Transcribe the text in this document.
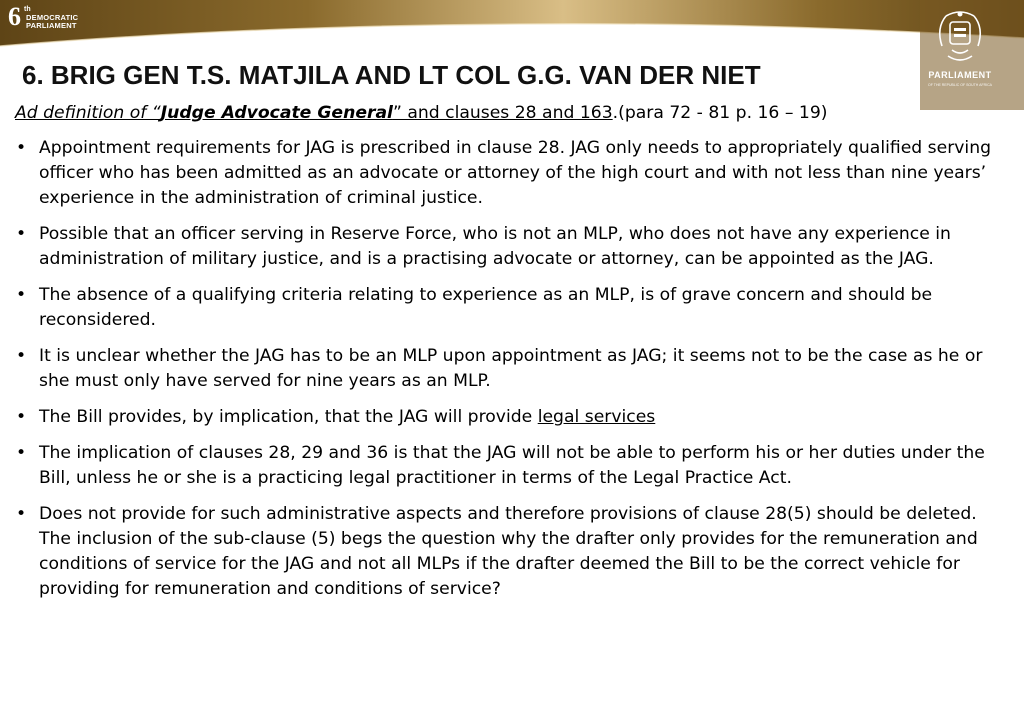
6 th
DEMOCRATIC
PARLIAMENT
PARLIAMENT
OF THE REPUBLIC OF SOUTH AFRICA
6. BRIG GEN T.S. MATJILA AND LT COL G.G. VAN DER NIET

Ad definition of “Judge Advocate General” and clauses 28 and 163.(para 72 - 81 p. 16 – 19)

• Appointment requirements for JAG is prescribed in clause 28. JAG only needs to appropriately qualified serving officer who has been admitted as an advocate or attorney of the high court and with not less than nine years’ experience in the administration of criminal justice.
• Possible that an officer serving in Reserve Force, who is not an MLP, who does not have any experience in administration of military justice, and is a practising advocate or attorney, can be appointed as the JAG.
• The absence of a qualifying criteria relating to experience as an MLP, is of grave concern and should be reconsidered.
• It is unclear whether the JAG has to be an MLP upon appointment as JAG; it seems not to be the case as he or she must only have served for nine years as an MLP.
• The Bill provides, by implication, that the JAG will provide legal services
• The implication of clauses 28, 29 and 36 is that the JAG will not be able to perform his or her duties under the Bill, unless he or she is a practicing legal practitioner in terms of the Legal Practice Act.
• Does not provide for such administrative aspects and therefore provisions of clause 28(5) should be deleted. The inclusion of the sub-clause (5) begs the question why the drafter only provides for the remuneration and conditions of service for the JAG and not all MLPs if the drafter deemed the Bill to be the correct vehicle for providing for remuneration and conditions of service?
